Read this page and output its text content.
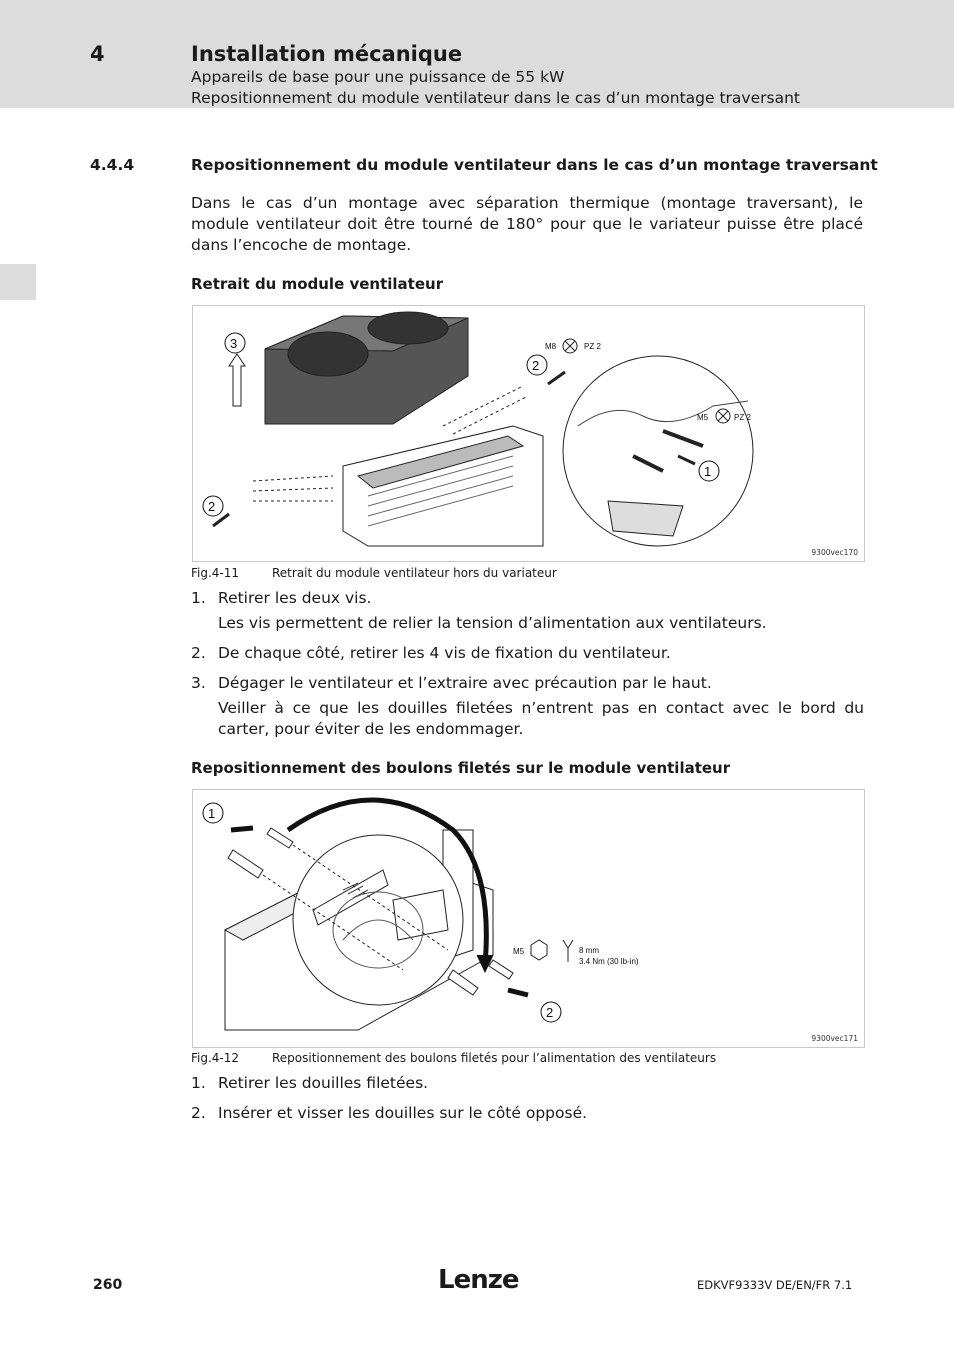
4	Installation mécanique
Appareils de base pour une puissance de 55 kW
Repositionnement du module ventilateur dans le cas d’un montage traversant
4.4.4	Repositionnement du module ventilateur dans le cas d’un montage traversant
Dans le cas d’un montage avec séparation thermique (montage traversant), le module ventilateur doit être tourné de 180° pour que le variateur puisse être placé dans l’encoche de montage.
Retrait du module ventilateur
3
2
2
1
M8	PZ 2
M5	PZ 2
9300vec170
Fig.4-11	Retrait du module ventilateur hors du variateur
1. Retirer les deux vis.
Les vis permettent de relier la tension d’alimentation aux ventilateurs.
2. De chaque côté, retirer les 4 vis de fixation du ventilateur.
3. Dégager le ventilateur et l’extraire avec précaution par le haut.
Veiller à ce que les douilles filetées n’entrent pas en contact avec le bord du carter, pour éviter de les endommager.
Repositionnement des boulons filetés sur le module ventilateur
1
2
M5	8 mm
3.4 Nm (30 lb-in)
9300vec171
Fig.4-12	Repositionnement des boulons filetés pour l’alimentation des ventilateurs
1. Retirer les douilles filetées.
2. Insérer et visser les douilles sur le côté opposé.
260	Lenze	EDKVF9333V DE/EN/FR 7.1
